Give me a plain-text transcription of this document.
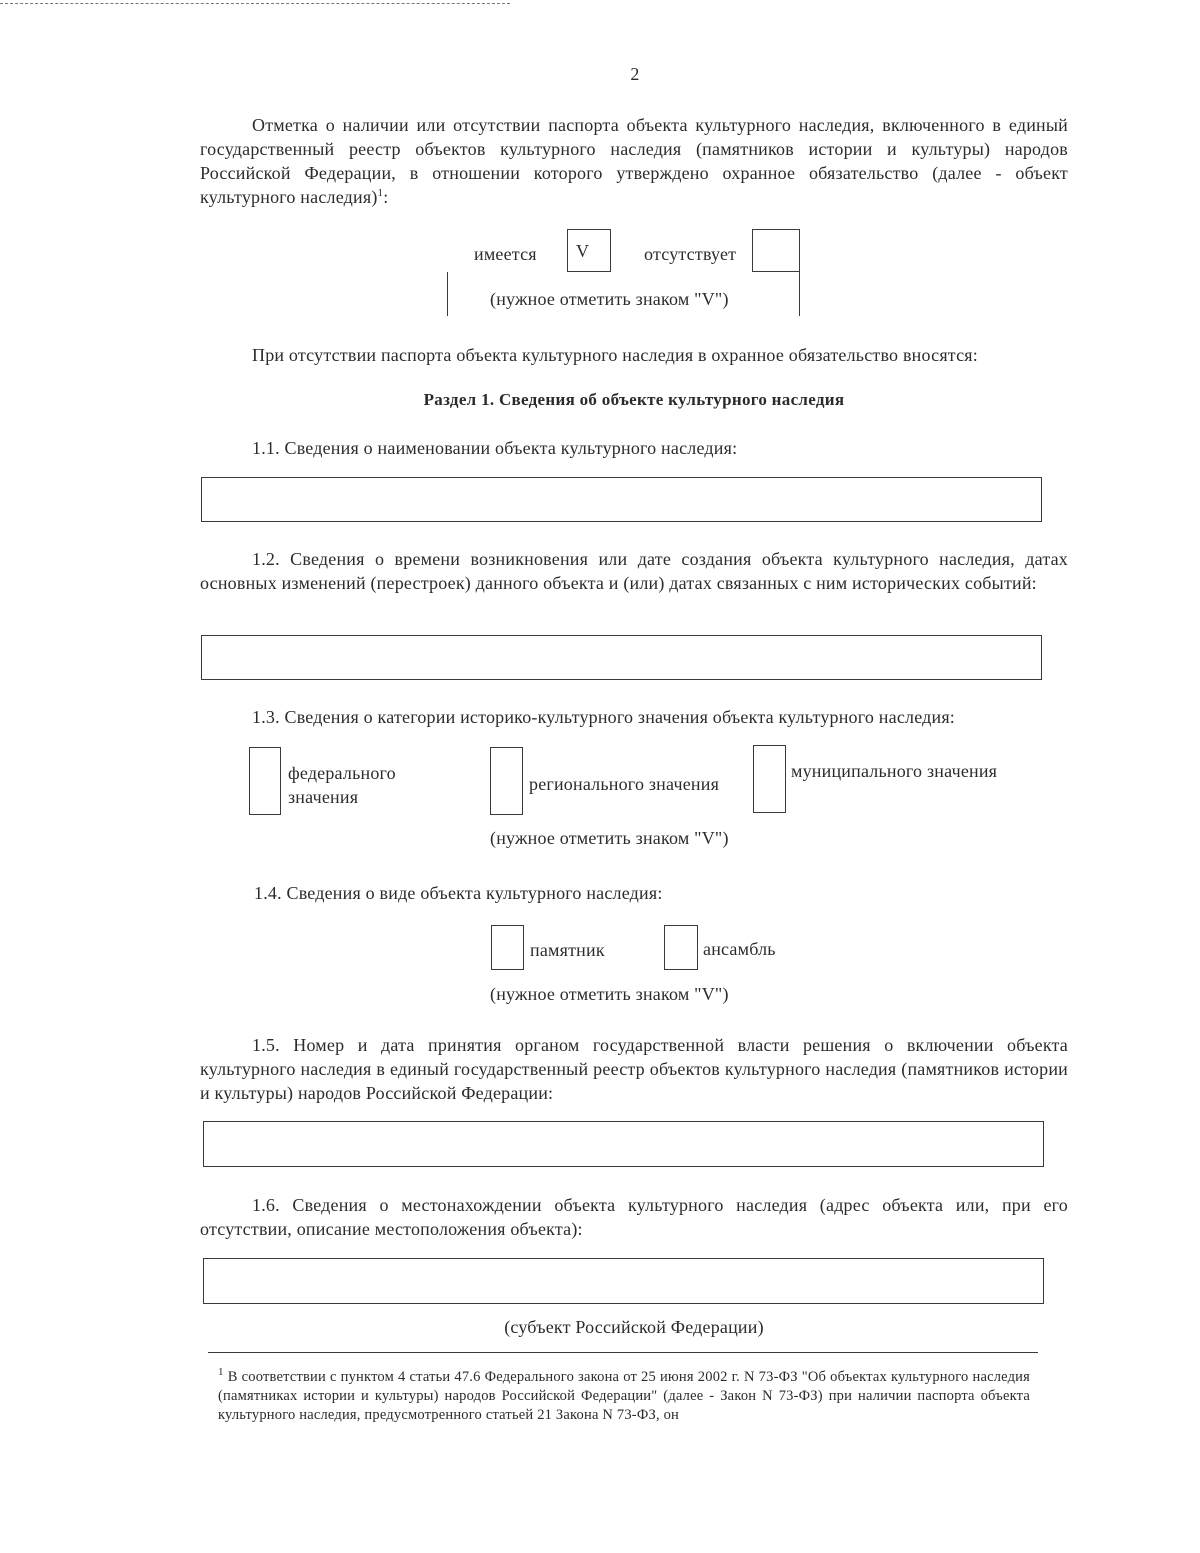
2
Отметка о наличии или отсутствии паспорта объекта культурного наследия, включенного в единый государственный реестр объектов культурного наследия (памятников истории и культуры) народов Российской Федерации, в отношении которого утверждено охранное обязательство (далее - объект культурного наследия)$^1$:
имеется V	отсутствует
(нужное отметить знаком "V")
При отсутствии паспорта объекта культурного наследия в охранное обязательство вносятся:
Раздел 1. Сведения об объекте культурного наследия
1.1. Сведения о наименовании объекта культурного наследия:
1.2. Сведения о времени возникновения или дате создания объекта культурного наследия, датах основных изменений (перестроек) данного объекта и (или) датах связанных с ним исторических событий:
1.3. Сведения о категории историко-культурного значения объекта культурного наследия:
федерального значения
регионального значения
муниципального значения
(нужное отметить знаком "V")
1.4. Сведения о виде объекта культурного наследия:
памятник	ансамбль
(нужное отметить знаком "V")
1.5. Номер и дата принятия органом государственной власти решения о включении объекта культурного наследия в единый государственный реестр объектов культурного наследия (памятников истории и культуры) народов Российской Федерации:
1.6. Сведения о местонахождении объекта культурного наследия (адрес объекта или, при его отсутствии, описание местоположения объекта):
(субъект Российской Федерации)
$^1$ В соответствии с пунктом 4 статьи 47.6 Федерального закона от 25 июня 2002 г. N 73-ФЗ "Об объектах культурного наследия (памятниках истории и культуры) народов Российской Федерации" (далее - Закон N 73-ФЗ) при наличии паспорта объекта культурного наследия, предусмотренного статьей 21 Закона N 73-ФЗ, он
